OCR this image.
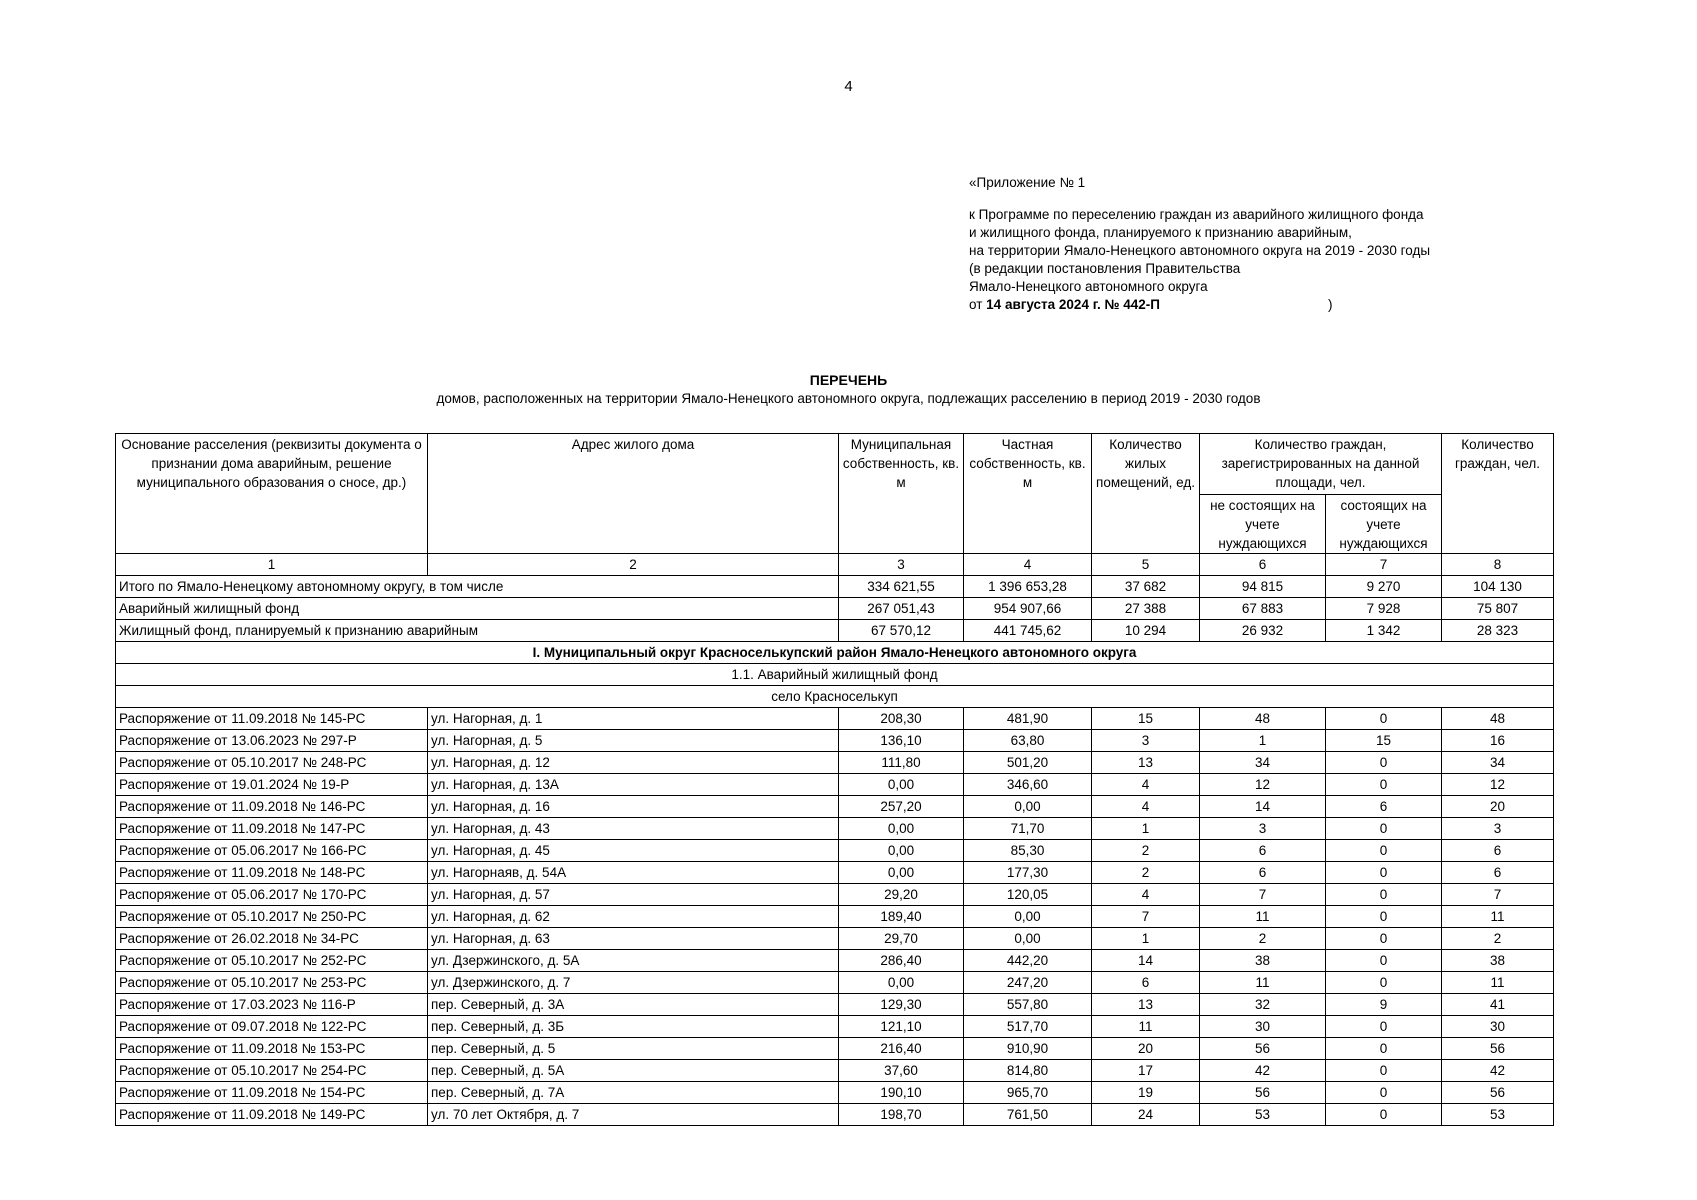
4
«Приложение № 1
к Программе по переселению граждан из аварийного жилищного фонда
и жилищного фонда, планируемого к признанию аварийным,
на территории Ямало-Ненецкого автономного округа на 2019 - 2030 годы
(в редакции постановления Правительства
Ямало-Ненецкого автономного округа
от 14 августа 2024 г. № 442-П	)
ПЕРЕЧЕНЬ
домов, расположенных на территории Ямало-Ненецкого автономного округа, подлежащих расселению в период 2019 - 2030 годов
Основание расселения (реквизиты документа о признании дома аварийным, решение муниципального образования о сносе, др.)	Адрес жилого дома	Муниципальная собственность, кв. м	Частная собственность, кв. м	Количество жилых помещений, ед.	Количество граждан, зарегистрированных на данной площади, чел.		Количество граждан, чел.
					не состоящих на учете нуждающихся	состоящих на учете нуждающихся	
1	2	3	4	5	6	7	8
Итого по Ямало-Ненецкому автономному округу, в том числе		334 621,55	1 396 653,28	37 682	94 815	9 270	104 130
Аварийный жилищный фонд		267 051,43	954 907,66	27 388	67 883	7 928	75 807
Жилищный фонд, планируемый к признанию аварийным		67 570,12	441 745,62	10 294	26 932	1 342	28 323
I. Муниципальный округ Красноселькупский район Ямало-Ненецкого автономного округа							
1.1. Аварийный жилищный фонд							
село Красноселькуп							
Распоряжение от 11.09.2018 № 145-РС	ул. Нагорная, д. 1	208,30	481,90	15	48	0	48
Распоряжение от 13.06.2023 № 297-Р	ул. Нагорная, д. 5	136,10	63,80	3	1	15	16
Распоряжение от 05.10.2017 № 248-РС	ул. Нагорная, д. 12	111,80	501,20	13	34	0	34
Распоряжение от 19.01.2024 № 19-Р	ул. Нагорная, д. 13А	0,00	346,60	4	12	0	12
Распоряжение от 11.09.2018 № 146-РС	ул. Нагорная, д. 16	257,20	0,00	4	14	6	20
Распоряжение от 11.09.2018 № 147-РС	ул. Нагорная, д. 43	0,00	71,70	1	3	0	3
Распоряжение от 05.06.2017 № 166-РС	ул. Нагорная, д. 45	0,00	85,30	2	6	0	6
Распоряжение от 11.09.2018 № 148-РС	ул. Нагорнаяв, д. 54А	0,00	177,30	2	6	0	6
Распоряжение от 05.06.2017 № 170-РС	ул. Нагорная, д. 57	29,20	120,05	4	7	0	7
Распоряжение от 05.10.2017 № 250-РС	ул. Нагорная, д. 62	189,40	0,00	7	11	0	11
Распоряжение от 26.02.2018 № 34-РС	ул. Нагорная, д. 63	29,70	0,00	1	2	0	2
Распоряжение от 05.10.2017 № 252-РС	ул. Дзержинского, д. 5А	286,40	442,20	14	38	0	38
Распоряжение от 05.10.2017 № 253-РС	ул. Дзержинского, д. 7	0,00	247,20	6	11	0	11
Распоряжение от 17.03.2023 № 116-Р	пер. Северный, д. 3А	129,30	557,80	13	32	9	41
Распоряжение от 09.07.2018 № 122-РС	пер. Северный, д. 3Б	121,10	517,70	11	30	0	30
Распоряжение от 11.09.2018 № 153-РС	пер. Северный, д. 5	216,40	910,90	20	56	0	56
Распоряжение от 05.10.2017 № 254-РС	пер. Северный, д. 5А	37,60	814,80	17	42	0	42
Распоряжение от 11.09.2018 № 154-РС	пер. Северный, д. 7А	190,10	965,70	19	56	0	56
Распоряжение от 11.09.2018 № 149-РС	ул. 70 лет Октября, д. 7	198,70	761,50	24	53	0	53
